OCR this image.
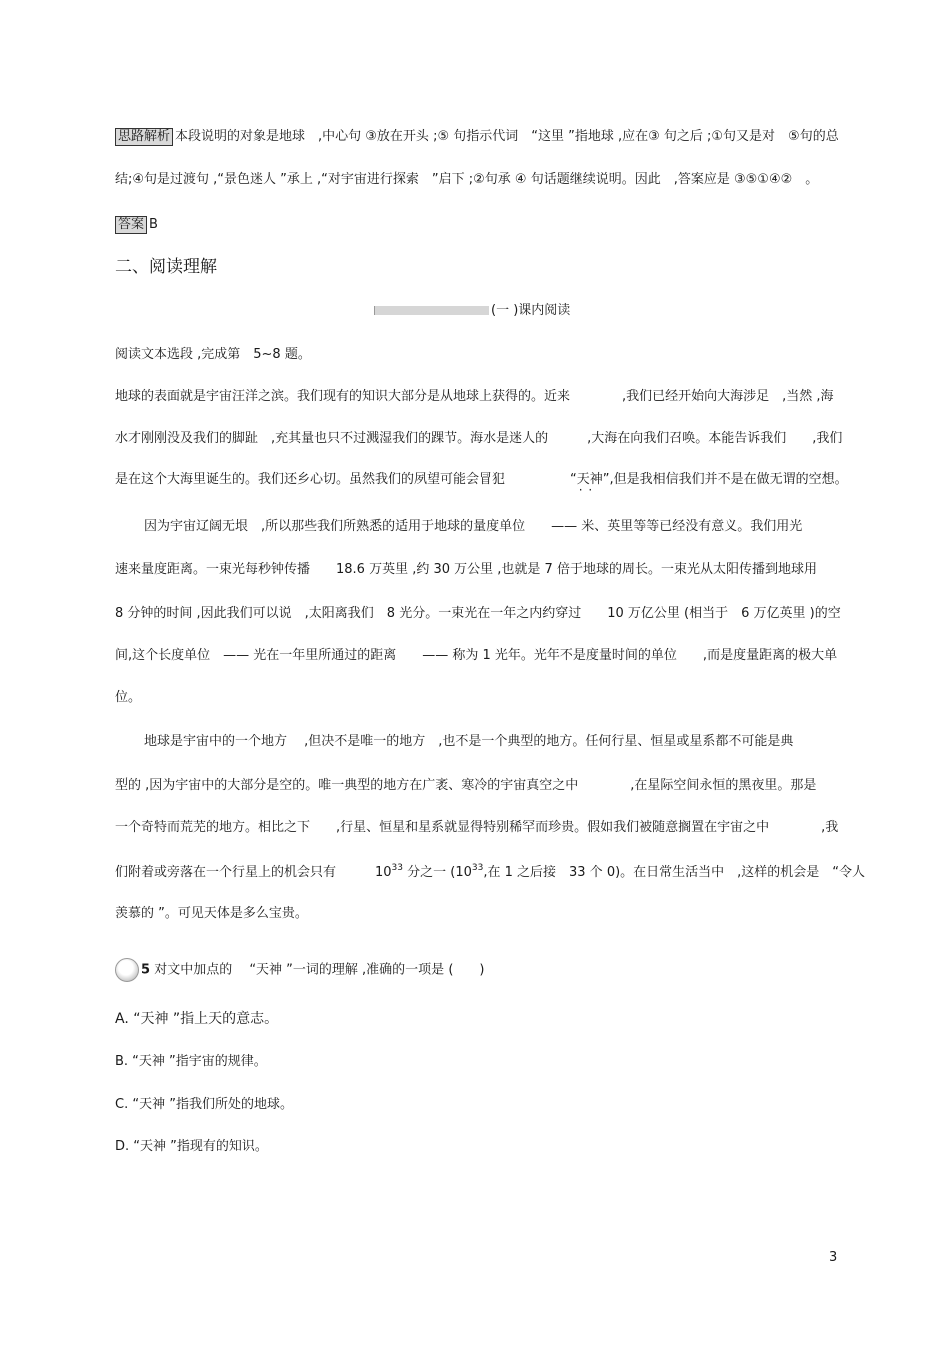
思路解析 本段说明的对象是地球　,中心句 ③放在开头 ;⑤ 句指示代词　“这里 ”指地球 ,应在③ 句之后 ;①句又是对　⑤句的总
结;④句是过渡句 ,“景色迷人 ”承上 ,“对宇宙进行探索　”启下 ;②句承 ④ 句话题继续说明。因此　,答案应是 ③⑤①④②　。
答案 B
二、阅读理解
(一 )课内阅读
阅读文本选段 ,完成第　5~8 题。
地球的表面就是宇宙汪洋之滨。我们现有的知识大部分是从地球上获得的。近来　　　　,我们已经开始向大海涉足　,当然 ,海
水才刚刚没及我们的脚趾　,充其量也只不过溅湿我们的踝节。海水是迷人的　　　,大海在向我们召唤。本能告诉我们　　,我们
是在这个大海里诞生的。我们还乡心切。虽然我们的夙望可能会冒犯　　　　　“天神 · ·”,但是我相信我们并不是在做无谓的空想。
因为宇宙辽阔无垠　,所以那些我们所熟悉的适用于地球的量度单位　　—— 米、英里等等已经没有意义。我们用光
速来量度距离。一束光每秒钟传播　　18.6 万英里 ,约 30 万公里 ,也就是 7 倍于地球的周长。一束光从太阳传播到地球用
8 分钟的时间 ,因此我们可以说　,太阳离我们　8 光分。一束光在一年之内约穿过　　10 万亿公里 (相当于　6 万亿英里 )的空
间,这个长度单位　—— 光在一年里所通过的距离　　—— 称为 1 光年。光年不是度量时间的单位　　,而是度量距离的极大单
位。
地球是宇宙中的一个地方　 ,但决不是唯一的地方　,也不是一个典型的地方。任何行星、恒星或星系都不可能是典
型的 ,因为宇宙中的大部分是空的。唯一典型的地方在广袤、寒冷的宇宙真空之中　　　　,在星际空间永恒的黑夜里。那是
一个奇特而荒芜的地方。相比之下　　,行星、恒星和星系就显得特别稀罕而珍贵。假如我们被随意搁置在宇宙之中　　　　,我
们附着或旁落在一个行星上的机会只有　　　$10^{33}$ 分之一 ($10^{33}$,在 1 之后接　33 个 0)。在日常生活当中　,这样的机会是　“令人
羡慕的 ”。可见天体是多么宝贵。
5 对文中加点的　 “天神 ”一词的理解 ,准确的一项是 (　　)
A. “天神 ”指上天的意志。
B. “天神 ”指宇宙的规律。
C. “天神 ”指我们所处的地球。
D. “天神 ”指现有的知识。
3
